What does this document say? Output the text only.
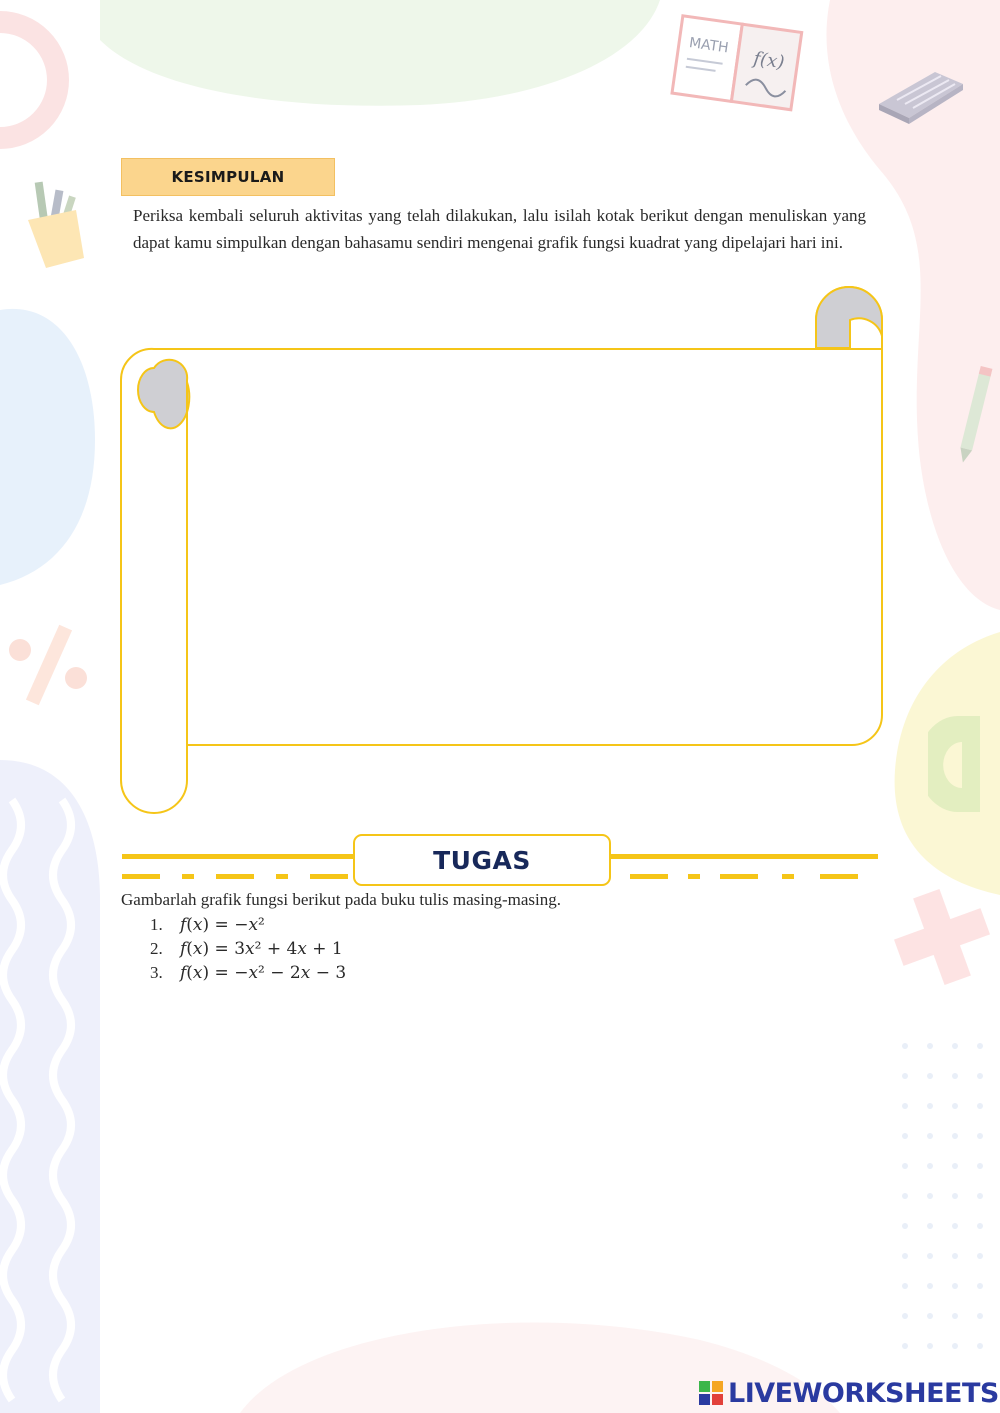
MATH
f(x)
KESIMPULAN
Periksa kembali seluruh aktivitas yang telah dilakukan, lalu isilah kotak berikut dengan menuliskan yang dapat kamu simpulkan dengan bahasamu sendiri mengenai grafik fungsi kuadrat yang dipelajari hari ini.
TUGAS
Gambarlah grafik fungsi berikut pada buku tulis masing-masing.
1.	𝑓(𝑥) = −𝑥²
2.	𝑓(𝑥) = 3𝑥² + 4𝑥 + 1
3.	𝑓(𝑥) = −𝑥² − 2𝑥 − 3
LIVEWORKSHEETS
